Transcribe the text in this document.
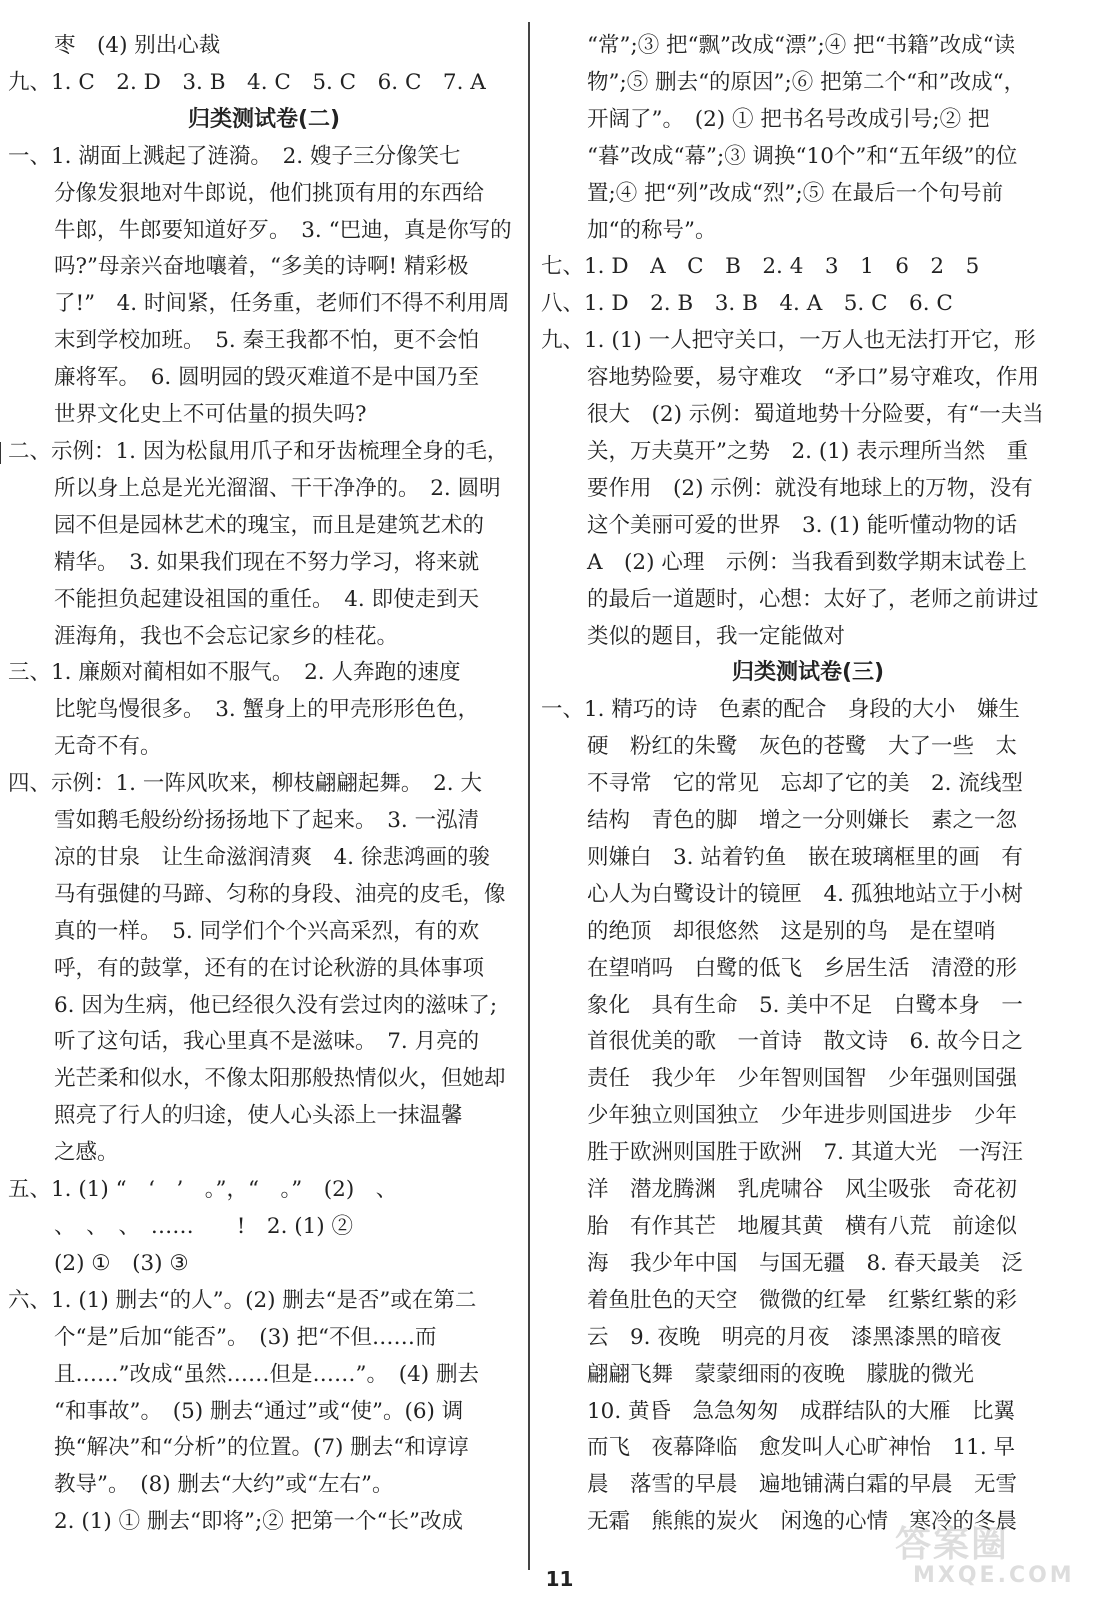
枣　(4) 别出心裁
九、1. C　2. D　3. B　4. C　5. C　6. C　7. A
归类测试卷(二)
一、1. 湖面上溅起了涟漪。　2. 嫂子三分像笑七
分像发狠地对牛郎说，他们挑顶有用的东西给
牛郎，牛郎要知道好歹。　3. “巴迪，真是你写的
吗?”母亲兴奋地嚷着，“多美的诗啊! 精彩极
了!”　4. 时间紧，任务重，老师们不得不利用周
末到学校加班。　5. 秦王我都不怕，更不会怕
廉将军。　6. 圆明园的毁灭难道不是中国乃至
世界文化史上不可估量的损失吗?
二、示例：1. 因为松鼠用爪子和牙齿梳理全身的毛，
所以身上总是光光溜溜、干干净净的。　2. 圆明
园不但是园林艺术的瑰宝，而且是建筑艺术的
精华。　3. 如果我们现在不努力学习，将来就
不能担负起建设祖国的重任。　4. 即使走到天
涯海角，我也不会忘记家乡的桂花。
三、1. 廉颇对蔺相如不服气。　2. 人奔跑的速度
比鸵鸟慢很多。　3. 蟹身上的甲壳形形色色，
无奇不有。
四、示例：1. 一阵风吹来，柳枝翩翩起舞。　2. 大
雪如鹅毛般纷纷扬扬地下了起来。　3. 一泓清
凉的甘泉　让生命滋润清爽　4. 徐悲鸿画的骏
马有强健的马蹄、匀称的身段、油亮的皮毛，像
真的一样。　5. 同学们个个兴高采烈，有的欢
呼，有的鼓掌，还有的在讨论秋游的具体事项
6. 因为生病，他已经很久没有尝过肉的滋味了;
听了这句话，我心里真不是滋味。　7. 月亮的
光芒柔和似水，不像太阳那般热情似火，但她却
照亮了行人的归途，使人心头添上一抹温馨
之感。
五、1. (1) “　‘　’　。”，“　。”　(2)　、
、　、　、　……　　!　2. (1) ②
(2) ①　(3) ③
六、1. (1) 删去“的人”。(2) 删去“是否”或在第二
个“是”后加“能否”。　(3) 把“不但……而
且……”改成“虽然……但是……”。　(4) 删去
“和事故”。　(5) 删去“通过”或“使”。(6) 调
换“解决”和“分析”的位置。(7) 删去“和谆谆
教导”。　(8) 删去“大约”或“左右”。
2. (1) ① 删去“即将”;② 把第一个“长”改成
“常”;③ 把“飘”改成“漂”;④ 把“书籍”改成“读
物”;⑤ 删去“的原因”;⑥ 把第二个“和”改成“，
开阔了”。　(2) ① 把书名号改成引号;② 把
“暮”改成“幕”;③ 调换“10个”和“五年级”的位
置;④ 把“列”改成“烈”;⑤ 在最后一个句号前
加“的称号”。
七、1. D　A　C　B　2. 4　3　1　6　2　5
八、1. D　2. B　3. B　4. A　5. C　6. C
九、1. (1) 一人把守关口，一万人也无法打开它，形
容地势险要，易守难攻　“矛口”易守难攻，作用
很大　(2) 示例：蜀道地势十分险要，有“一夫当
关，万夫莫开”之势　2. (1) 表示理所当然　重
要作用　(2) 示例：就没有地球上的万物，没有
这个美丽可爱的世界　3. (1) 能听懂动物的话
A　(2) 心理　示例：当我看到数学期末试卷上
的最后一道题时，心想：太好了，老师之前讲过
类似的题目，我一定能做对
归类测试卷(三)
一、1. 精巧的诗　色素的配合　身段的大小　嫌生
硬　粉红的朱鹭　灰色的苍鹭　大了一些　太
不寻常　它的常见　忘却了它的美　2. 流线型
结构　青色的脚　增之一分则嫌长　素之一忽
则嫌白　3. 站着钓鱼　嵌在玻璃框里的画　有
心人为白鹭设计的镜匣　4. 孤独地站立于小树
的绝顶　却很悠然　这是别的鸟　是在望哨
在望哨吗　白鹭的低飞　乡居生活　清澄的形
象化　具有生命　5. 美中不足　白鹭本身　一
首很优美的歌　一首诗　散文诗　6. 故今日之
责任　我少年　少年智则国智　少年强则国强
少年独立则国独立　少年进步则国进步　少年
胜于欧洲则国胜于欧洲　7. 其道大光　一泻汪
洋　潜龙腾渊　乳虎啸谷　风尘吸张　奇花初
胎　有作其芒　地履其黄　横有八荒　前途似
海　我少年中国　与国无疆　8. 春天最美　泛
着鱼肚色的天空　微微的红晕　红紫红紫的彩
云　9. 夜晚　明亮的月夜　漆黑漆黑的暗夜
翩翩飞舞　蒙蒙细雨的夜晚　朦胧的微光
10. 黄昏　急急匆匆　成群结队的大雁　比翼
而飞　夜幕降临　愈发叫人心旷神怡　11. 早
晨　落雪的早晨　遍地铺满白霜的早晨　无雪
无霜　熊熊的炭火　闲逸的心情　寒冷的冬晨
11
答案圈
MXQE.COM
